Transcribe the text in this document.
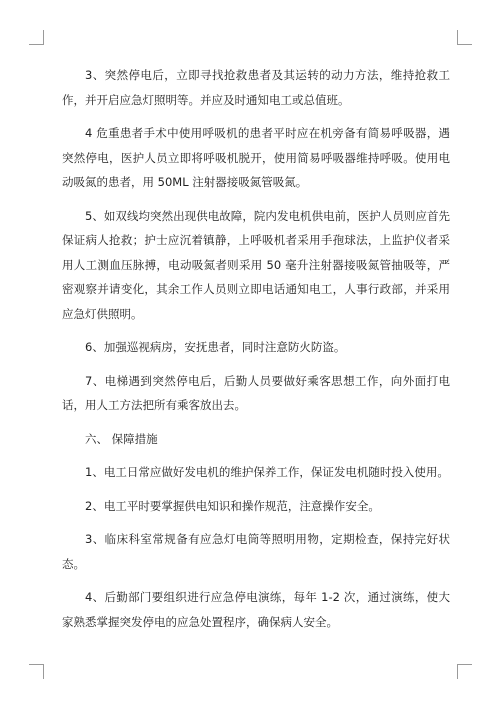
3、突然停电后，立即寻找抢救患者及其运转的动力方法，维持抢救工作，并开启应急灯照明等。并应及时通知电工或总值班。

4 危重患者手术中使用呼吸机的患者平时应在机旁备有简易呼吸器，遇突然停电，医护人员立即将呼吸机脱开，使用简易呼吸器维持呼吸。使用电动吸氮的患者，用 50ML 注射器接吸氮管吸氮。

5、如双线均突然出现供电故障，院内发电机供电前，医护人员则应首先保证病人抢救；护士应沉着镇静，上呼吸机者采用手孢球法，上监护仪者采用人工测血压脉搏，电动吸氮者则采用 50 毫升注射器接吸氮管抽吸等，严密观察并请变化，其余工作人员则立即电话通知电工，人事行政部，并采用应急灯供照明。

6、加强巡视病房，安抚患者，同时注意防火防盗。

7、电梯遇到突然停电后，后勤人员要做好乘客思想工作，向外面打电话，用人工方法把所有乘客放出去。

六、 保障措施

1、电工日常应做好发电机的维护保养工作，保证发电机随时投入使用。

2、电工平时要掌握供电知识和操作规范，注意操作安全。

3、临床科室常规备有应急灯电筒等照明用物，定期检查，保持完好状态。

4、后勤部门要组织进行应急停电演练，每年 1-2 次，通过演练，使大家熟悉掌握突发停电的应急处置程序，确保病人安全。
